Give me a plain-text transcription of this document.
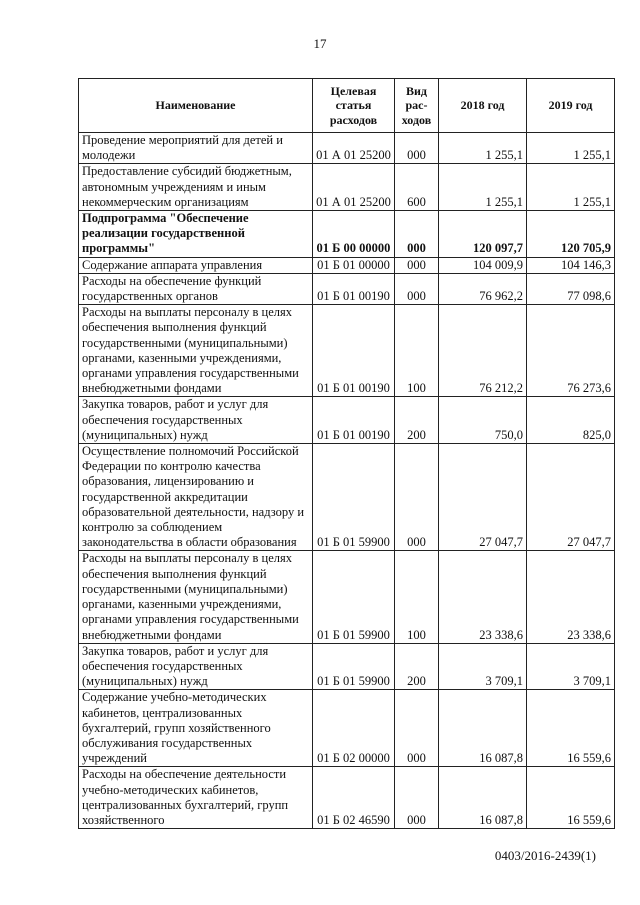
17
Наименование	Целевая статья расходов	Вид рас-ходов	2018 год	2019 год
Проведение мероприятий для детей и молодежи	01 А 01 25200	000	1 255,1	1 255,1
Предоставление субсидий бюджетным, автономным учреждениям и иным некоммерческим организациям	01 А 01 25200	600	1 255,1	1 255,1
Подпрограмма "Обеспечение реализации государственной программы"	01 Б 00 00000	000	120 097,7	120 705,9
Содержание аппарата управления	01 Б 01 00000	000	104 009,9	104 146,3
Расходы на обеспечение функций государственных органов	01 Б 01 00190	000	76 962,2	77 098,6
Расходы на выплаты персоналу в целях обеспечения выполнения функций государственными (муниципальными) органами, казенными учреждениями, органами управления государственными внебюджетными фондами	01 Б 01 00190	100	76 212,2	76 273,6
Закупка товаров, работ и услуг для обеспечения государственных (муниципальных) нужд	01 Б 01 00190	200	750,0	825,0
Осуществление полномочий Российской Федерации по контролю качества образования, лицензированию и государственной аккредитации образовательной деятельности, надзору и контролю за соблюдением законодательства в области образования	01 Б 01 59900	000	27 047,7	27 047,7
Расходы на выплаты персоналу в целях обеспечения выполнения функций государственными (муниципальными) органами, казенными учреждениями, органами управления государственными внебюджетными фондами	01 Б 01 59900	100	23 338,6	23 338,6
Закупка товаров, работ и услуг для обеспечения государственных (муниципальных) нужд	01 Б 01 59900	200	3 709,1	3 709,1
Содержание учебно-методических кабинетов, централизованных бухгалтерий, групп хозяйственного обслуживания государственных учреждений	01 Б 02 00000	000	16 087,8	16 559,6
Расходы на обеспечение деятельности учебно-методических кабинетов, централизованных бухгалтерий, групп хозяйственного	01 Б 02 46590	000	16 087,8	16 559,6
0403/2016-2439(1)
